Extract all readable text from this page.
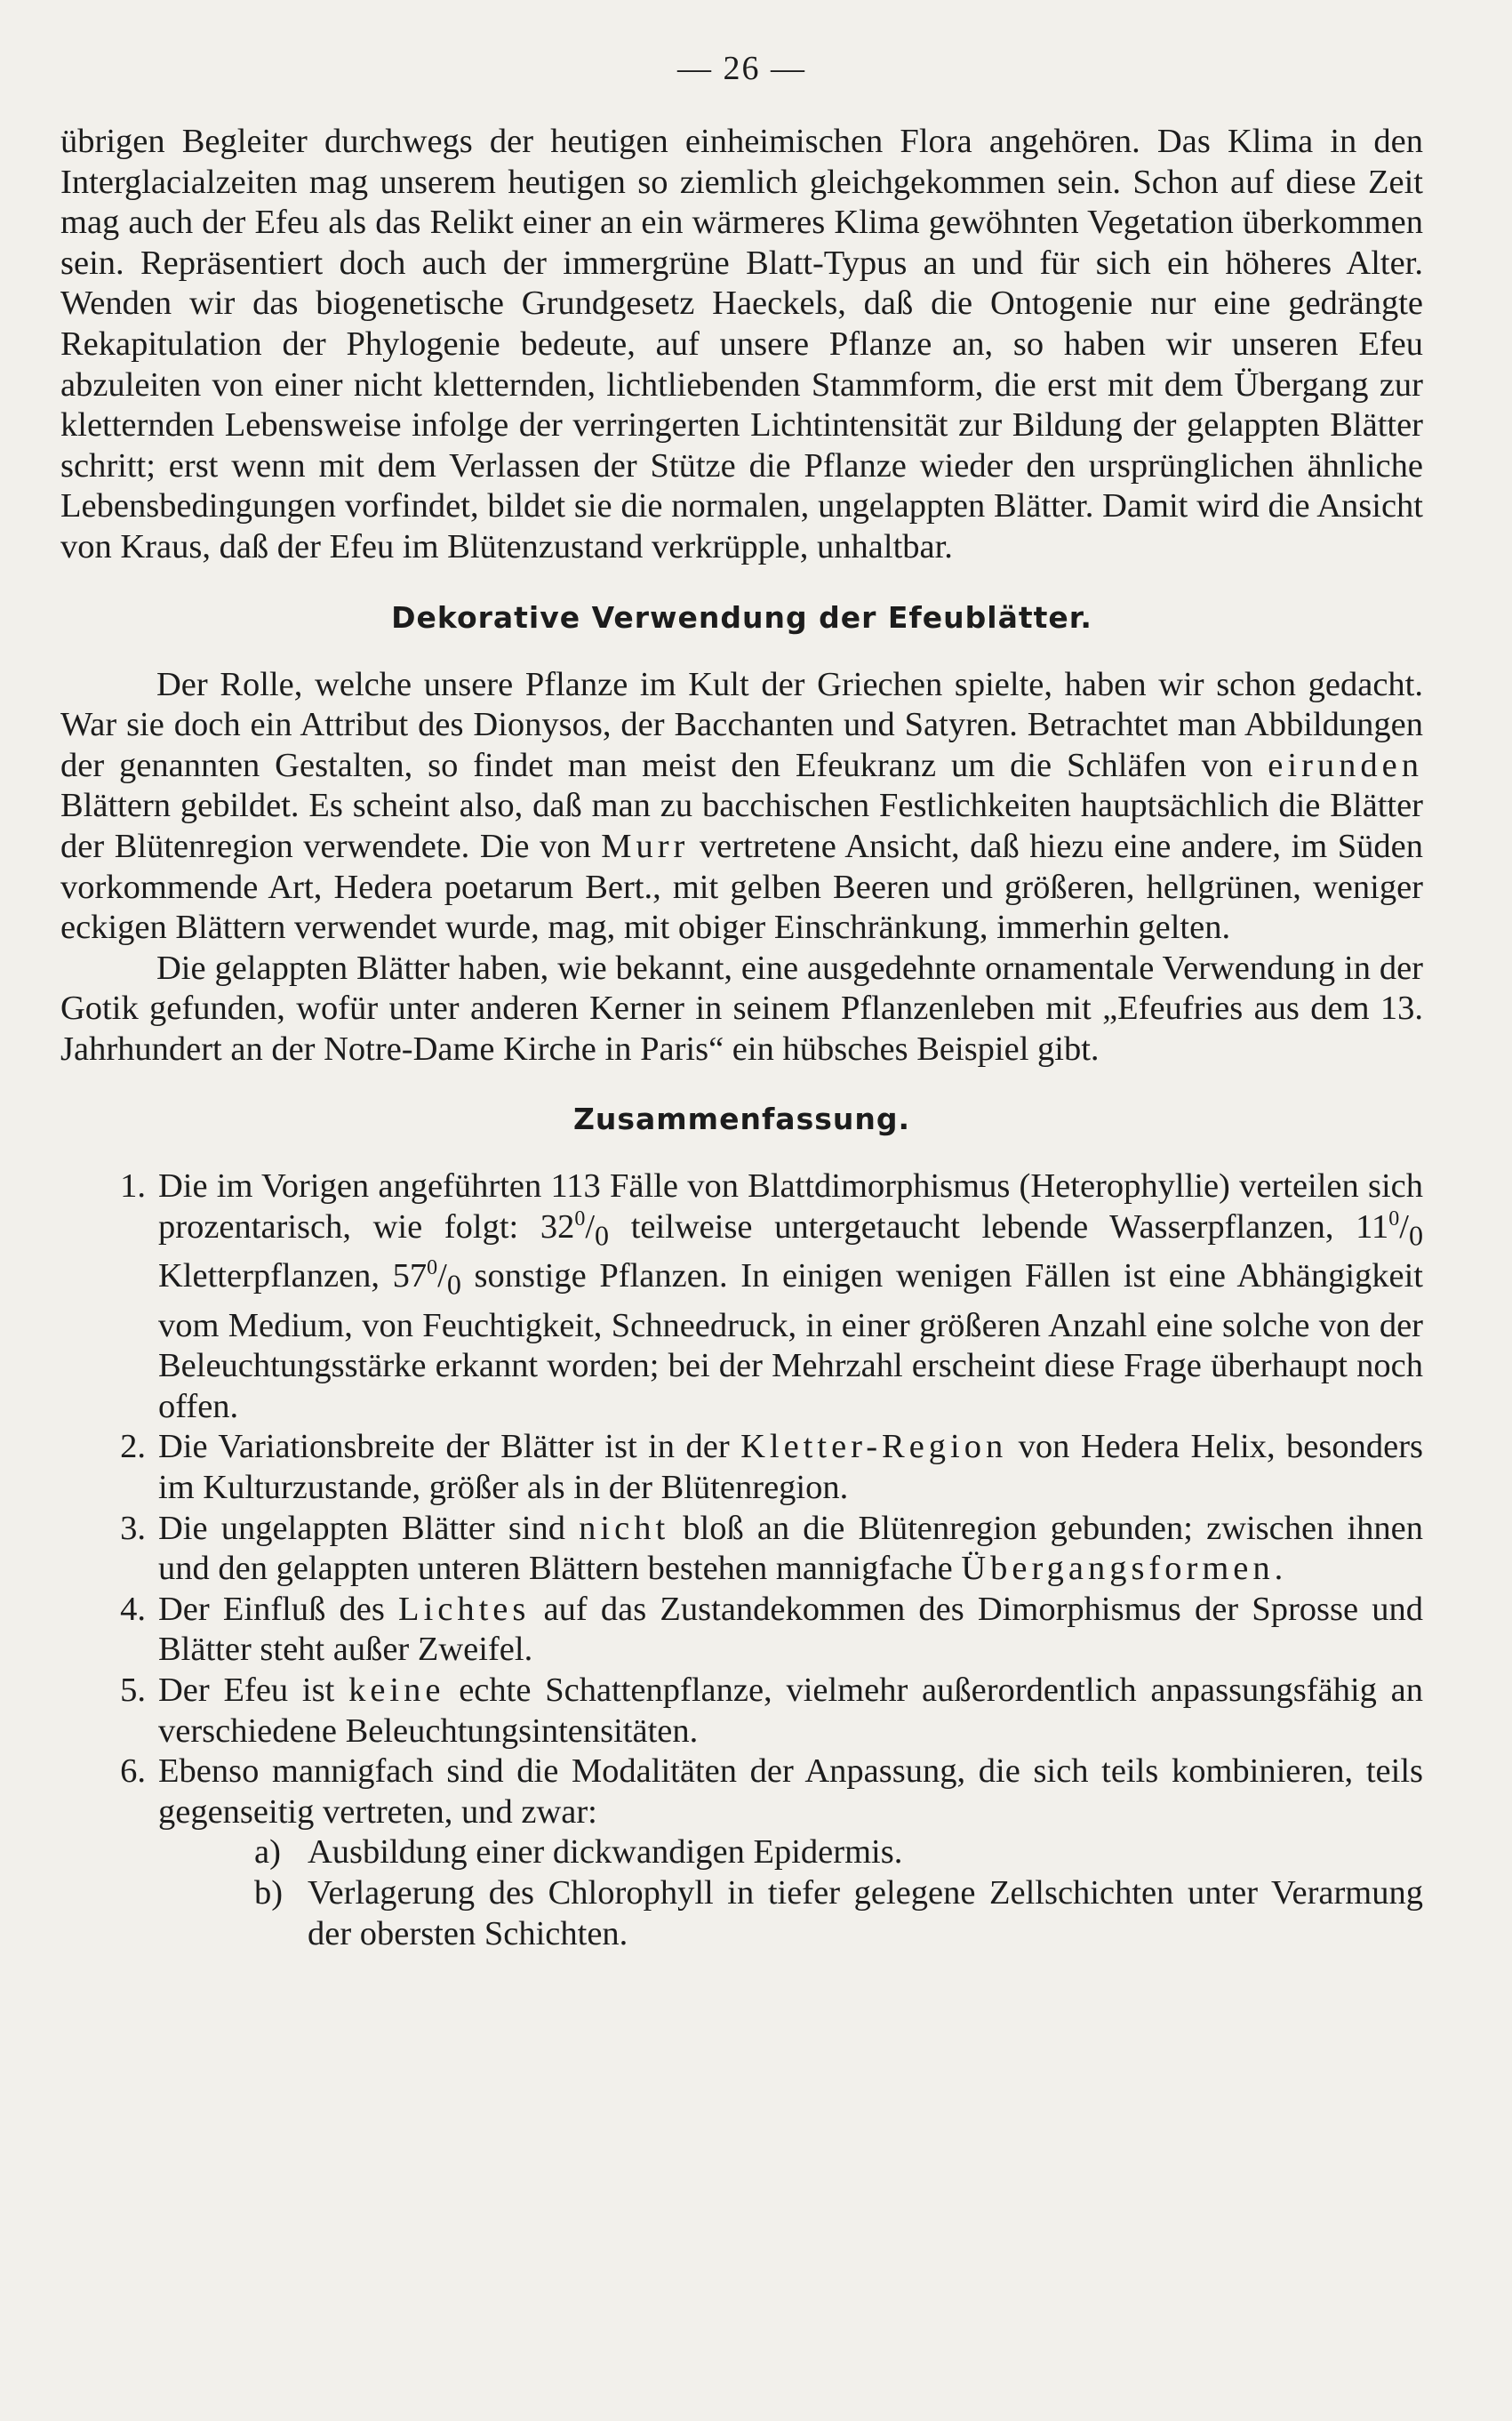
— 26 —

übrigen Begleiter durchwegs der heutigen einheimischen Flora angehören. Das Klima in den Interglacialzeiten mag unserem heutigen so ziemlich gleichgekommen sein. Schon auf diese Zeit mag auch der Efeu als das Relikt einer an ein wärmeres Klima gewöhnten Vegetation überkommen sein. Repräsentiert doch auch der immergrüne Blatt-Typus an und für sich ein höheres Alter. Wenden wir das biogenetische Grundgesetz Haeckels, daß die Ontogenie nur eine gedrängte Rekapitulation der Phylogenie bedeute, auf unsere Pflanze an, so haben wir unseren Efeu abzuleiten von einer nicht kletternden, lichtliebenden Stammform, die erst mit dem Übergang zur kletternden Lebensweise infolge der verringerten Lichtintensität zur Bildung der gelappten Blätter schritt; erst wenn mit dem Verlassen der Stütze die Pflanze wieder den ursprünglichen ähnliche Lebensbedingungen vorfindet, bildet sie die normalen, ungelappten Blätter. Damit wird die Ansicht von Kraus, daß der Efeu im Blütenzustand verkrüpple, unhaltbar.

Dekorative Verwendung der Efeublätter.

Der Rolle, welche unsere Pflanze im Kult der Griechen spielte, haben wir schon gedacht. War sie doch ein Attribut des Dionysos, der Bacchanten und Satyren. Betrachtet man Abbildungen der genannten Gestalten, so findet man meist den Efeukranz um die Schläfen von eirunden Blättern gebildet. Es scheint also, daß man zu bacchischen Festlichkeiten hauptsächlich die Blätter der Blütenregion verwendete. Die von Murr vertretene Ansicht, daß hiezu eine andere, im Süden vorkommende Art, Hedera poetarum Bert., mit gelben Beeren und größeren, hellgrünen, weniger eckigen Blättern verwendet wurde, mag, mit obiger Einschränkung, immerhin gelten.

Die gelappten Blätter haben, wie bekannt, eine ausgedehnte ornamentale Verwendung in der Gotik gefunden, wofür unter anderen Kerner in seinem Pflanzenleben mit „Efeufries aus dem 13. Jahrhundert an der Notre-Dame Kirche in Paris“ ein hübsches Beispiel gibt.

Zusammenfassung.
1. Die im Vorigen angeführten 113 Fälle von Blattdimorphismus (Heterophyllie) verteilen sich prozentarisch, wie folgt: $32^0/_0$ teilweise untergetaucht lebende Wasserpflanzen, $11^0/_0$ Kletterpflanzen, $57^0/_0$ sonstige Pflanzen. In einigen wenigen Fällen ist eine Abhängigkeit vom Medium, von Feuchtigkeit, Schneedruck, in einer größeren Anzahl eine solche von der Beleuchtungsstärke erkannt worden; bei der Mehrzahl erscheint diese Frage überhaupt noch offen.
2. Die Variationsbreite der Blätter ist in der Kletter-Region von Hedera Helix, besonders im Kulturzustande, größer als in der Blütenregion.
3. Die ungelappten Blätter sind nicht bloß an die Blütenregion gebunden; zwischen ihnen und den gelappten unteren Blättern bestehen mannigfache Übergangsformen.
4. Der Einfluß des Lichtes auf das Zustandekommen des Dimorphismus der Sprosse und Blätter steht außer Zweifel.
5. Der Efeu ist keine echte Schattenpflanze, vielmehr außerordentlich anpassungsfähig an verschiedene Beleuchtungsintensitäten.
6. Ebenso mannigfach sind die Modalitäten der Anpassung, die sich teils kombinieren, teils gegenseitig vertreten, und zwar:
a) Ausbildung einer dickwandigen Epidermis.
b) Verlagerung des Chlorophyll in tiefer gelegene Zellschichten unter Verarmung der obersten Schichten.
